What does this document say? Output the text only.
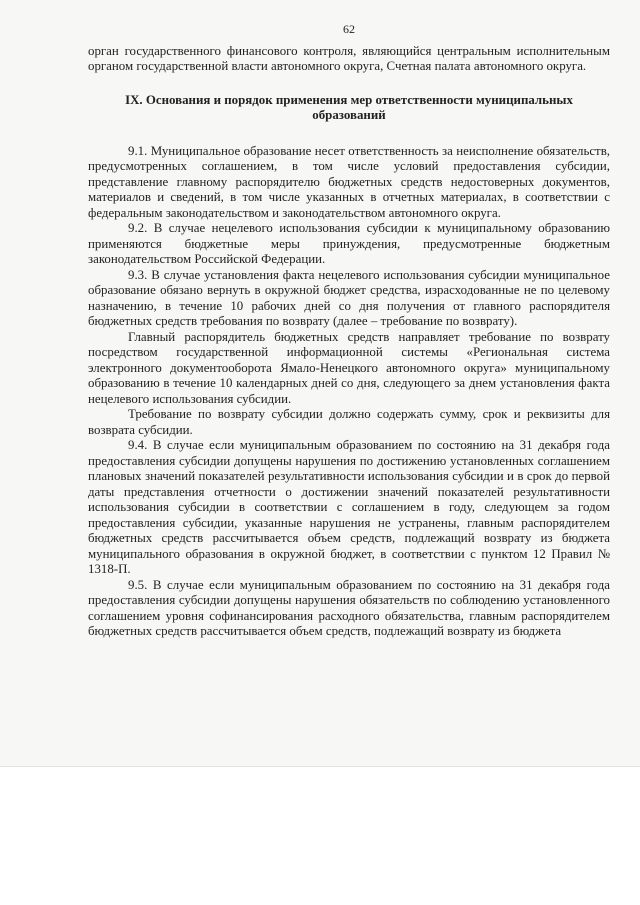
62

орган государственного финансового контроля, являющийся центральным исполнительным органом государственной власти автономного округа, Счетная палата автономного округа.

IX. Основания и порядок применения мер ответственности муниципальных образований

9.1. Муниципальное образование несет ответственность за неисполнение обязательств, предусмотренных соглашением, в том числе условий предоставления субсидии, представление главному распорядителю бюджетных средств недостоверных документов, материалов и сведений, в том числе указанных в отчетных материалах, в соответствии с федеральным законодательством и законодательством автономного округа.

9.2. В случае нецелевого использования субсидии к муниципальному образованию применяются бюджетные меры принуждения, предусмотренные бюджетным законодательством Российской Федерации.

9.3. В случае установления факта нецелевого использования субсидии муниципальное образование обязано вернуть в окружной бюджет средства, израсходованные не по целевому назначению, в течение 10 рабочих дней со дня получения от главного распорядителя бюджетных средств требования по возврату (далее – требование по возврату).

Главный распорядитель бюджетных средств направляет требование по возврату посредством государственной информационной системы «Региональная система электронного документооборота Ямало-Ненецкого автономного округа» муниципальному образованию в течение 10 календарных дней со дня, следующего за днем установления факта нецелевого использования субсидии.

Требование по возврату субсидии должно содержать сумму, срок и реквизиты для возврата субсидии.

9.4. В случае если муниципальным образованием по состоянию на 31 декабря года предоставления субсидии допущены нарушения по достижению установленных соглашением плановых значений показателей результативности использования субсидии и в срок до первой даты представления отчетности о достижении значений показателей результативности использования субсидии в соответствии с соглашением в году, следующем за годом предоставления субсидии, указанные нарушения не устранены, главным распорядителем бюджетных средств рассчитывается объем средств, подлежащий возврату из бюджета муниципального образования в окружной бюджет, в соответствии с пунктом 12 Правил № 1318-П.

9.5. В случае если муниципальным образованием по состоянию на 31 декабря года предоставления субсидии допущены нарушения обязательств по соблюдению установленного соглашением уровня софинансирования расходного обязательства, главным распорядителем бюджетных средств рассчитывается объем средств, подлежащий возврату из бюджета
